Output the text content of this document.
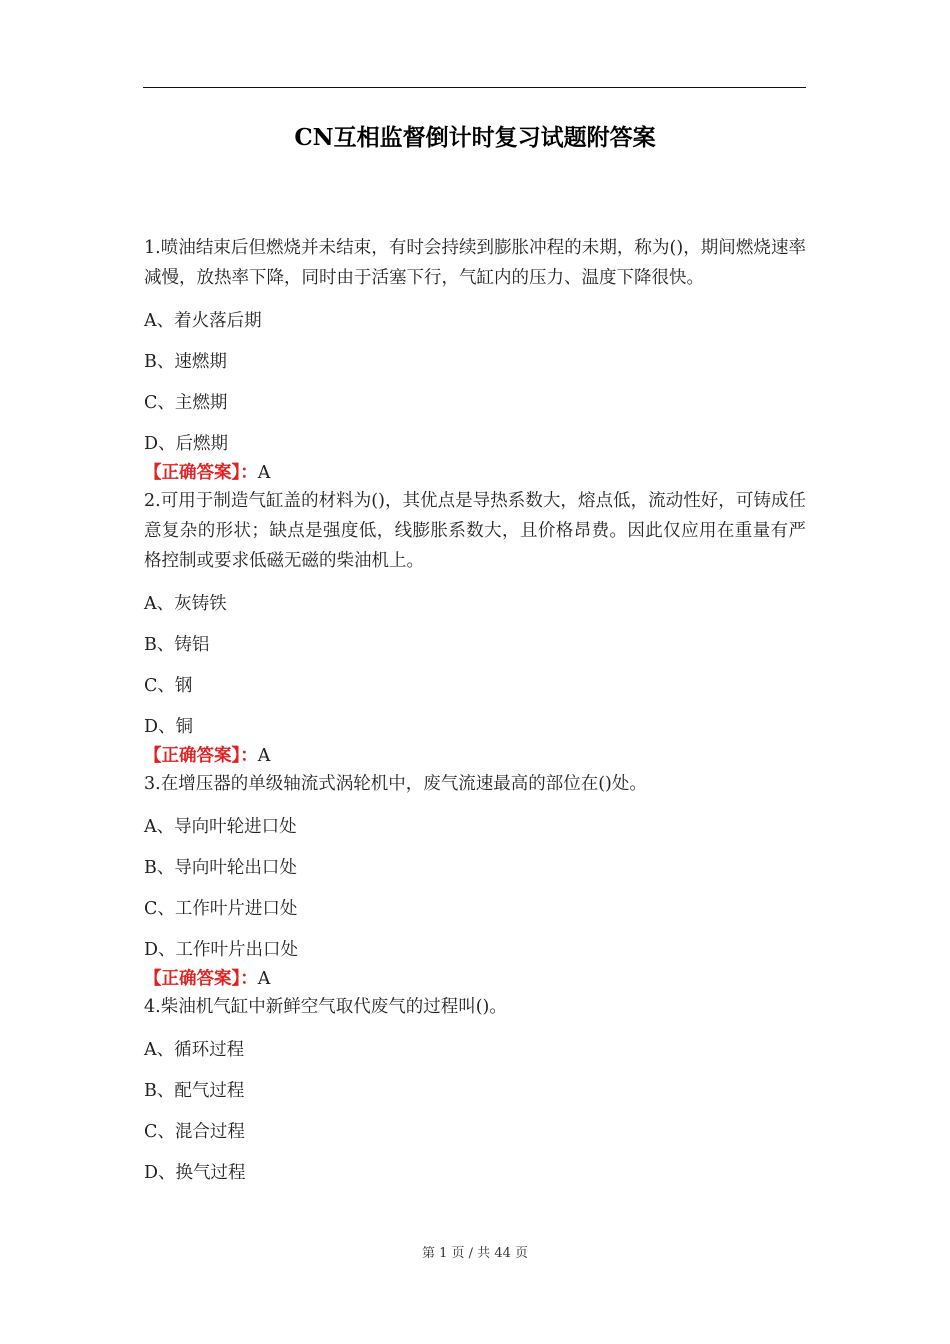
CN互相监督倒计时复习试题附答案

1.喷油结束后但燃烧并未结束，有时会持续到膨胀冲程的未期，称为()，期间燃烧速率减慢，放热率下降，同时由于活塞下行，气缸内的压力、温度下降很快。

A、着火落后期

B、速燃期

C、主燃期

D、后燃期

【正确答案】：A

2.可用于制造气缸盖的材料为()，其优点是导热系数大，熔点低，流动性好，可铸成任意复杂的形状；缺点是强度低，线膨胀系数大，且价格昂费。因此仅应用在重量有严格控制或要求低磁无磁的柴油机上。

A、灰铸铁

B、铸铝

C、钢

D、铜

【正确答案】：A

3.在增压器的单级轴流式涡轮机中，废气流速最高的部位在()处。

A、导向叶轮进口处

B、导向叶轮出口处

C、工作叶片进口处

D、工作叶片出口处

【正确答案】：A

4.柴油机气缸中新鲜空气取代废气的过程叫()。

A、循环过程

B、配气过程

C、混合过程

D、换气过程

第 1 页 / 共 44 页
